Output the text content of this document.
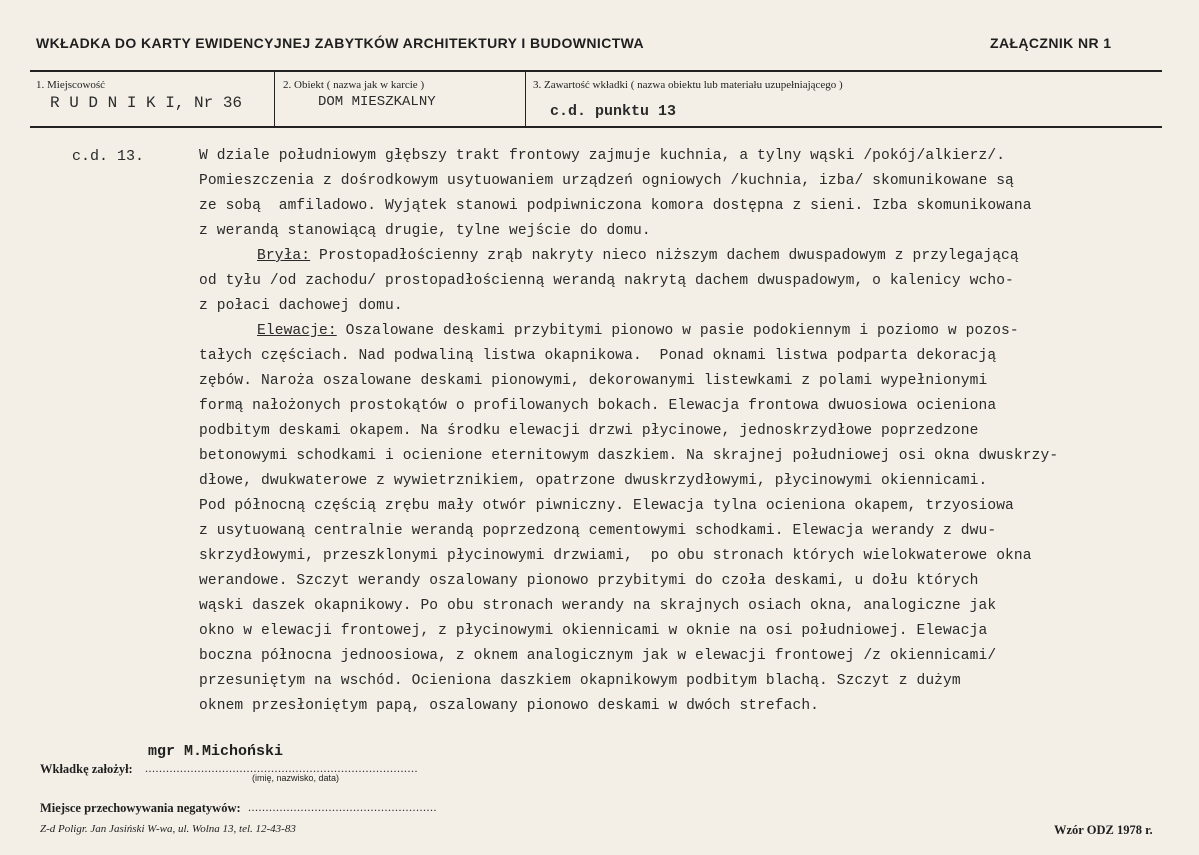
WKŁADKA DO KARTY EWIDENCYJNEJ ZABYTKÓW ARCHITEKTURY I BUDOWNICTWA	ZAŁĄCZNIK NR 1
1. Miejscowość
R U D N I K I, Nr 36
2. Obiekt ( nazwa jak w karcie )
DOM MIESZKALNY
3. Zawartość wkładki ( nazwa obiektu lub materiału uzupełniającego )
c.d. punktu 13
c.d. 13.	W dziale południowym głębszy trakt frontowy zajmuje kuchnia, a tylny wąski /pokój/alkierz/.
Pomieszczenia z dośrodkowym usytuowaniem urządzeń ogniowych /kuchnia, izba/ skomunikowane są
ze sobą  amfiladowo. Wyjątek stanowi podpiwniczona komora dostępna z sieni. Izba skomunikowana
z werandą stanowiącą drugie, tylne wejście do domu.
Bryła: Prostopadłościenny zrąb nakryty nieco niższym dachem dwuspadowym z przylegającą
od tyłu /od zachodu/ prostopadłościenną werandą nakrytą dachem dwuspadowym, o kalenicy wcho-
z połaci dachowej domu.
Elewacje: Oszalowane deskami przybitymi pionowo w pasie podokiennym i poziomo w pozos-
tałych częściach. Nad podwaliną listwa okapnikowa.  Ponad oknami listwa podparta dekoracją
zębów. Naroża oszalowane deskami pionowymi, dekorowanymi listewkami z polami wypełnionymi
formą nałożonych prostokątów o profilowanych bokach. Elewacja frontowa dwuosiowa ocieniona
podbitym deskami okapem. Na środku elewacji drzwi płycinowe, jednoskrzydłowe poprzedzone
betonowymi schodkami i ocienione eternitowym daszkiem. Na skrajnej południowej osi okna dwuskrzy-
dłowe, dwukwaterowe z wywietrznikiem, opatrzone dwuskrzydłowymi, płycinowymi okiennicami.
Pod północną częścią zrębu mały otwór piwniczny. Elewacja tylna ocieniona okapem, trzyosiowa
z usytuowaną centralnie werandą poprzedzoną cementowymi schodkami. Elewacja werandy z dwu-
skrzydłowymi, przeszklonymi płycinowymi drzwiami,  po obu stronach których wielokwaterowe okna
werandowe. Szczyt werandy oszalowany pionowo przybitymi do czoła deskami, u dołu których
wąski daszek okapnikowy. Po obu stronach werandy na skrajnych osiach okna, analogiczne jak
okno w elewacji frontowej, z płycinowymi okiennicami w oknie na osi południowej. Elewacja
boczna północna jednoosiowa, z oknem analogicznym jak w elewacji frontowej /z okiennicami/
przesuniętym na wschód. Ocieniona daszkiem okapnikowym podbitym blachą. Szczyt z dużym
oknem przesłoniętym papą, oszalowany pionowo deskami w dwóch strefach.
mgr M.Michoński
Wkładkę założył: ..............................................................................
(imię, nazwisko, data)
Miejsce przechowywania negatywów: ......................................................
Z-d Poligr. Jan Jasiński W-wa, ul. Wolna 13, tel. 12-43-83	Wzór ODZ 1978 r.
